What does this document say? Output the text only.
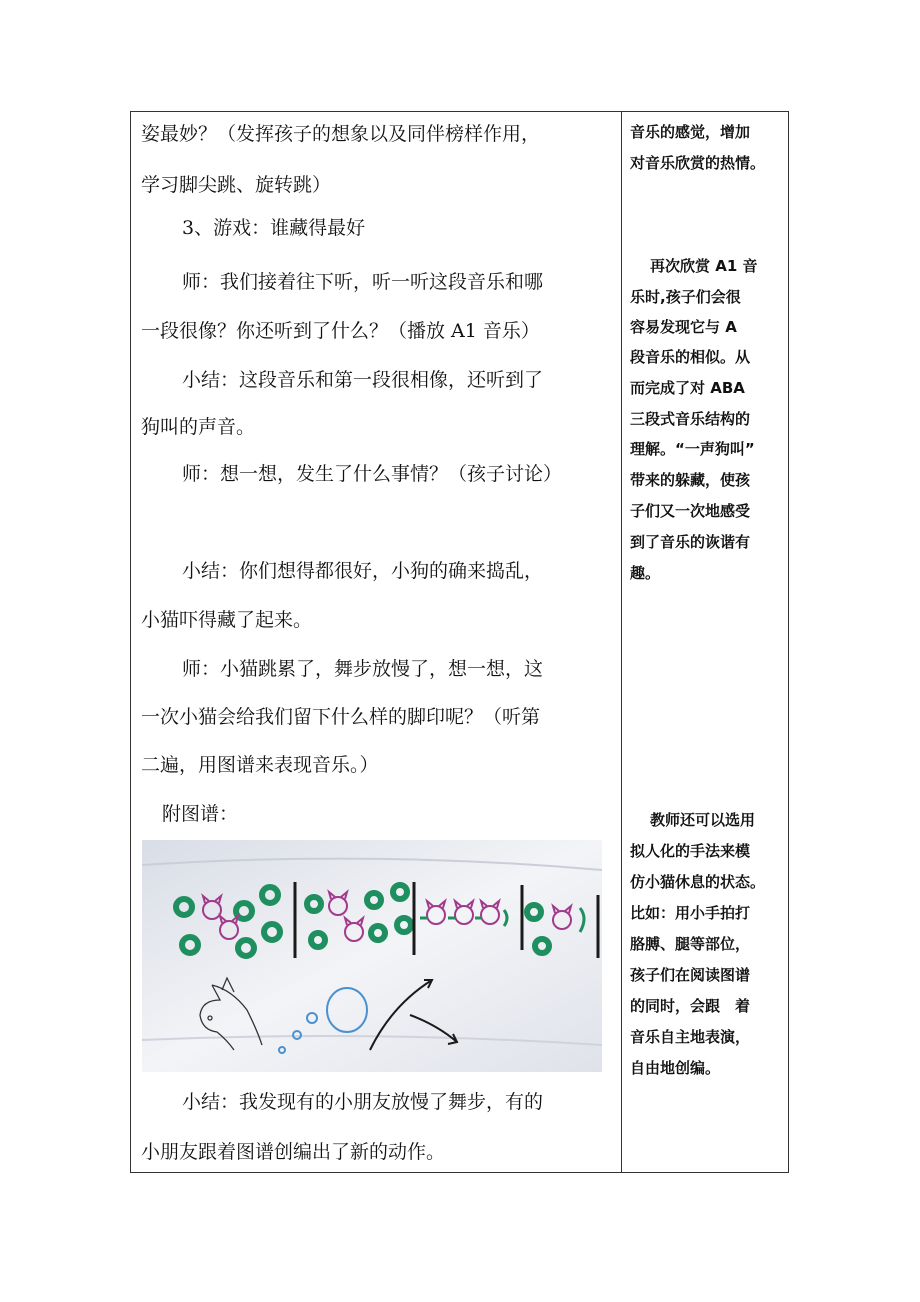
姿最妙？（发挥孩子的想象以及同伴榜样作用，
学习脚尖跳、旋转跳）
3、游戏：谁藏得最好
师：我们接着往下听，听一听这段音乐和哪
一段很像？你还听到了什么？（播放 A1 音乐）
小结：这段音乐和第一段很相像，还听到了
狗叫的声音。
师：想一想，发生了什么事情？（孩子讨论）
小结：你们想得都很好，小狗的确来捣乱，
小猫吓得藏了起来。
师：小猫跳累了，舞步放慢了，想一想，这
一次小猫会给我们留下什么样的脚印呢？（听第
二遍，用图谱来表现音乐。）
附图谱：
小结：我发现有的小朋友放慢了舞步，有的
小朋友跟着图谱创编出了新的动作。
音乐的感觉，增加
对音乐欣赏的热情。
再次欣赏 A1 音
乐时,孩子们会很
容易发现它与 A
段音乐的相似。从
而完成了对 ABA
三段式音乐结构的
理解。“一声狗叫”
带来的躲藏，使孩
子们又一次地感受
到了音乐的诙谐有
趣。
教师还可以选用
拟人化的手法来模
仿小猫休息的状态。
比如：用小手拍打
胳膊、腿等部位，
孩子们在阅读图谱
的同时，会跟　着
音乐自主地表演，
自由地创编。
